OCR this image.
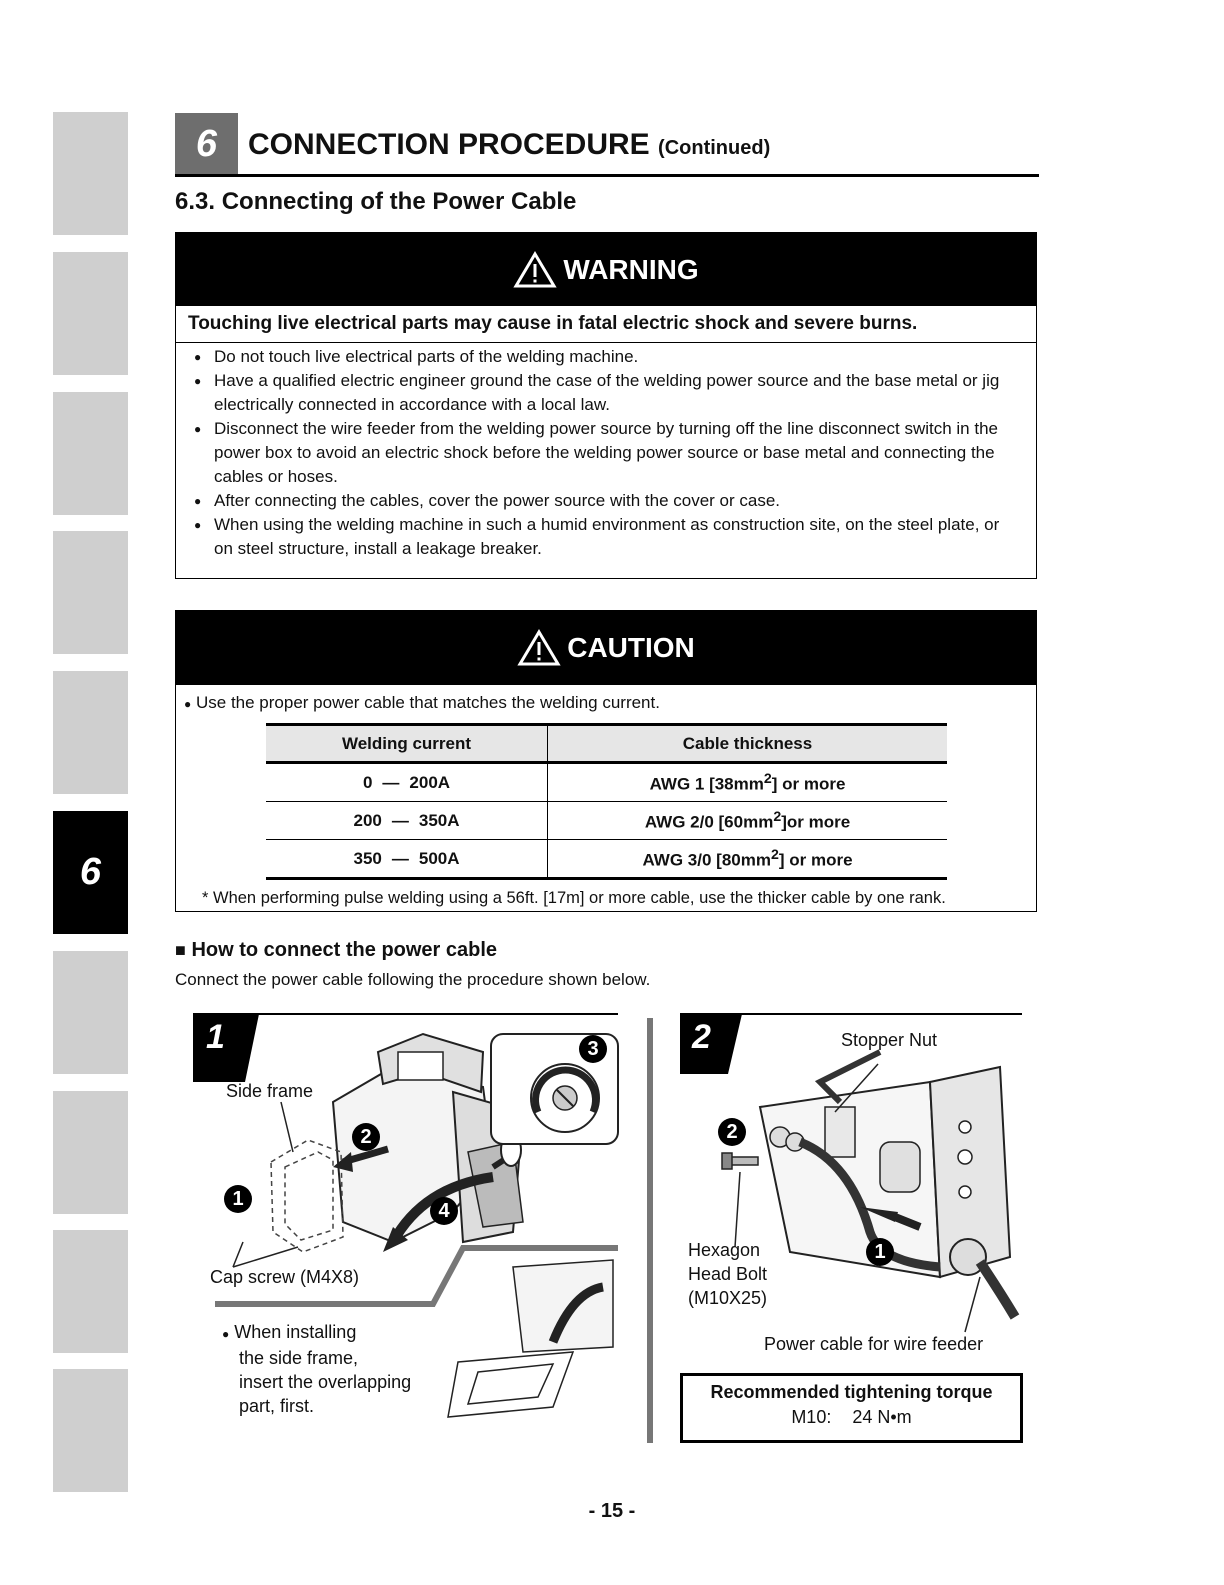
6
6	CONNECTION PROCEDURE (Continued)
6.3. Connecting of the Power Cable
WARNING
Touching live electrical parts may cause in fatal electric shock and severe burns.
● Do not touch live electrical parts of the welding machine.
● Have a qualified electric engineer ground the case of the welding power source and the base metal or jig electrically connected in accordance with a local law.
● Disconnect the wire feeder from the welding power source by turning off the line disconnect switch in the power box to avoid an electric shock before the welding power source or base metal and connecting the cables or hoses.
● After connecting the cables, cover the power source with the cover or case.
● When using the welding machine in such a humid environment as construction site, on the steel plate, or on steel structure, install a leakage breaker.
CAUTION
● Use the proper power cable that matches the welding current.
Welding current	Cable thickness

0 — 200A	AWG 1 $[38mm^2]$ or more

200 — 350A	AWG 2/0 $[60mm^2]or$ more

350 — 500A	AWG 3/0 $[80mm^2]$ or more
* When performing pulse welding using a 56ft. [17m] or more cable, use the thicker cable by one rank.
■ How to connect the power cable
Connect the power cable following the procedure shown below.
1
Side frame
Cap screw (M4X8)
1
2
3
4
● When installing
the side frame,
insert the overlapping
part, first.
2	Stopper Nut
Hexagon
Head Bolt
(M10X25)
Power cable for wire feeder
1
2
Recommended tightening torque
M10: 24 N•m
- 15 -
